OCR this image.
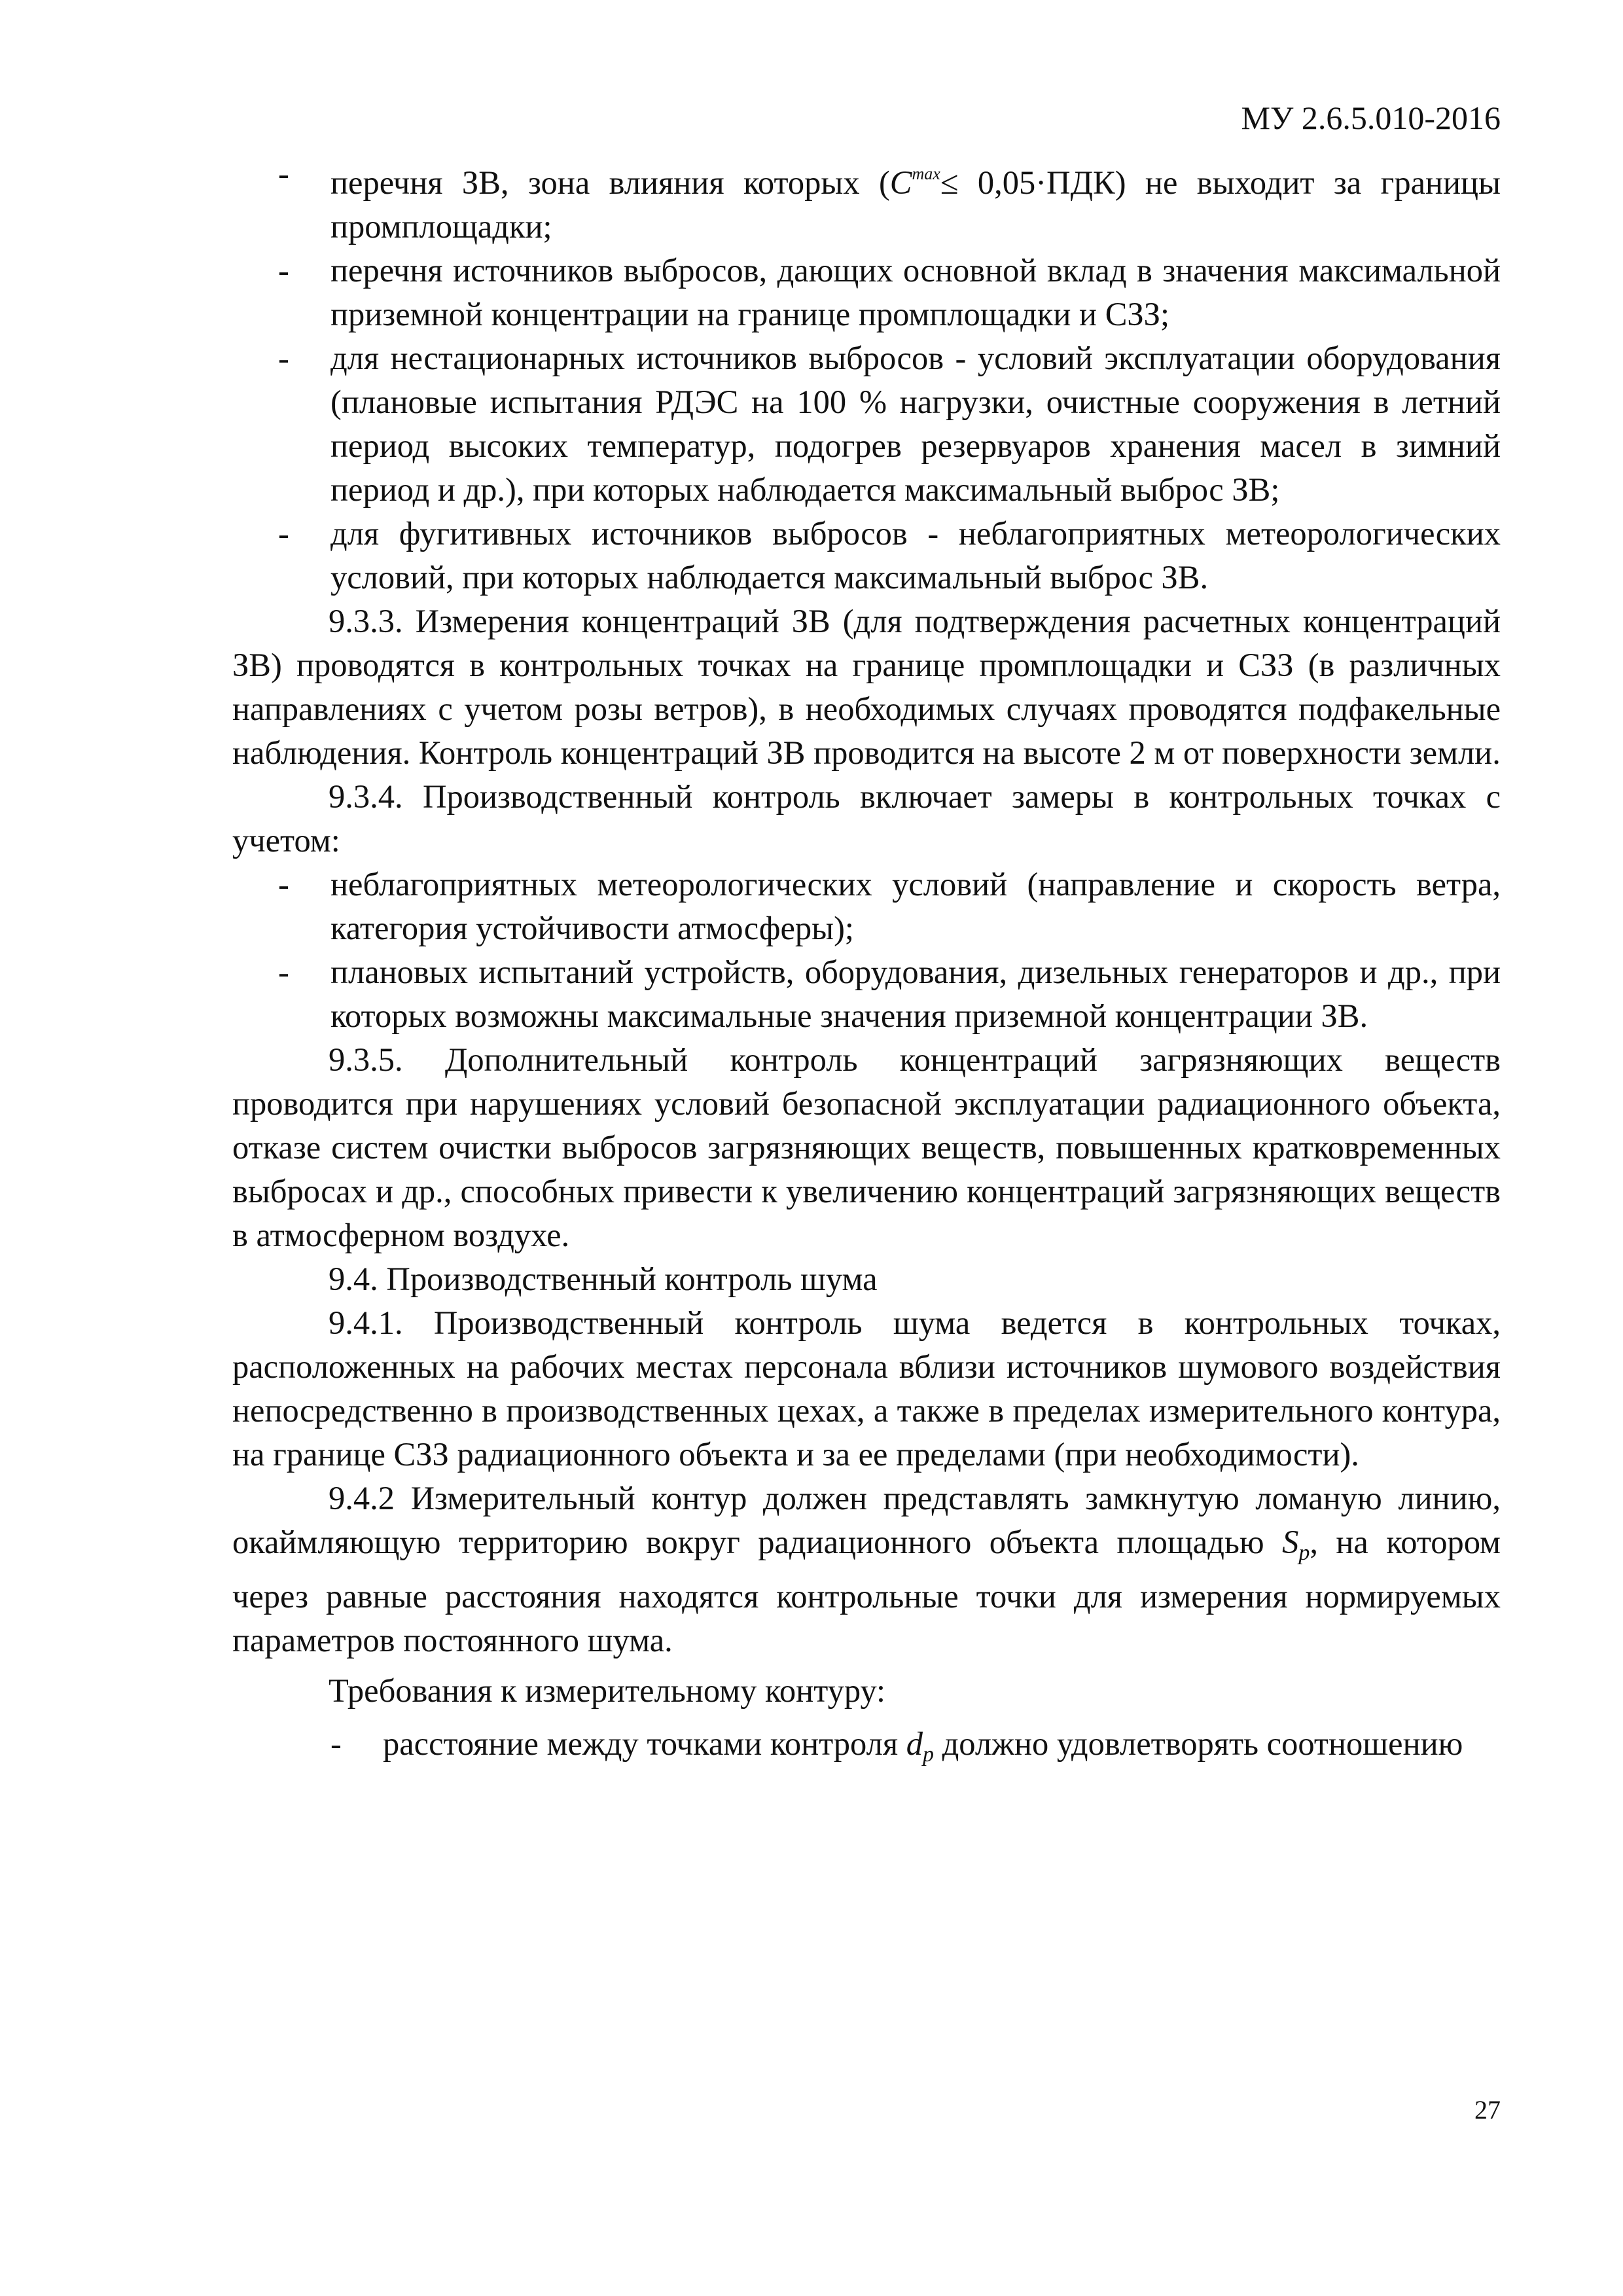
МУ 2.6.5.010-2016
- перечня ЗВ, зона влияния которых $(C^{max}\le 0,05\cdot ПДК)$ не выходит за границы промплощадки;
- перечня источников выбросов, дающих основной вклад в значения максимальной приземной концентрации на границе промплощадки и СЗЗ;
- для нестационарных источников выбросов - условий эксплуатации оборудования (плановые испытания РДЭС на 100 % нагрузки, очистные сооружения в летний период высоких температур, подогрев резервуаров хранения масел в зимний период и др.), при которых наблюдается максимальный выброс ЗВ;
- для фугитивных источников выбросов - неблагоприятных метеорологических условий, при которых наблюдается максимальный выброс ЗВ.

9.3.3. Измерения концентраций ЗВ (для подтверждения расчетных концентраций ЗВ) проводятся в контрольных точках на границе промплощадки и СЗЗ (в различных направлениях с учетом розы ветров), в необходимых случаях проводятся подфакельные наблюдения. Контроль концентраций ЗВ проводится на высоте 2 м от поверхности земли.

9.3.4. Производственный контроль включает замеры в контрольных точках с учетом:

- неблагоприятных метеорологических условий (направление и скорость ветра, категория устойчивости атмосферы);
- плановых испытаний устройств, оборудования, дизельных генераторов и др., при которых возможны максимальные значения приземной концентрации ЗВ.

9.3.5. Дополнительный контроль концентраций загрязняющих веществ проводится при нарушениях условий безопасной эксплуатации радиационного объекта, отказе систем очистки выбросов загрязняющих веществ, повышенных кратковременных выбросах и др., способных привести к увеличению концентраций загрязняющих веществ в атмосферном воздухе.

9.4. Производственный контроль шума

9.4.1. Производственный контроль шума ведется в контрольных точках, расположенных на рабочих местах персонала вблизи источников шумового воздействия непосредственно в производственных цехах, а также в пределах измерительного контура, на границе СЗЗ радиационного объекта и за ее пределами (при необходимости).

9.4.2 Измерительный контур должен представлять замкнутую ломаную линию, окаймляющую территорию вокруг радиационного объекта площадью $S_p$, на котором через равные расстояния находятся контрольные точки для измерения нормируемых параметров постоянного шума.

Требования к измерительному контуру:

- расстояние между точками контроля $d_p$ должно удовлетворять соотношению

27
